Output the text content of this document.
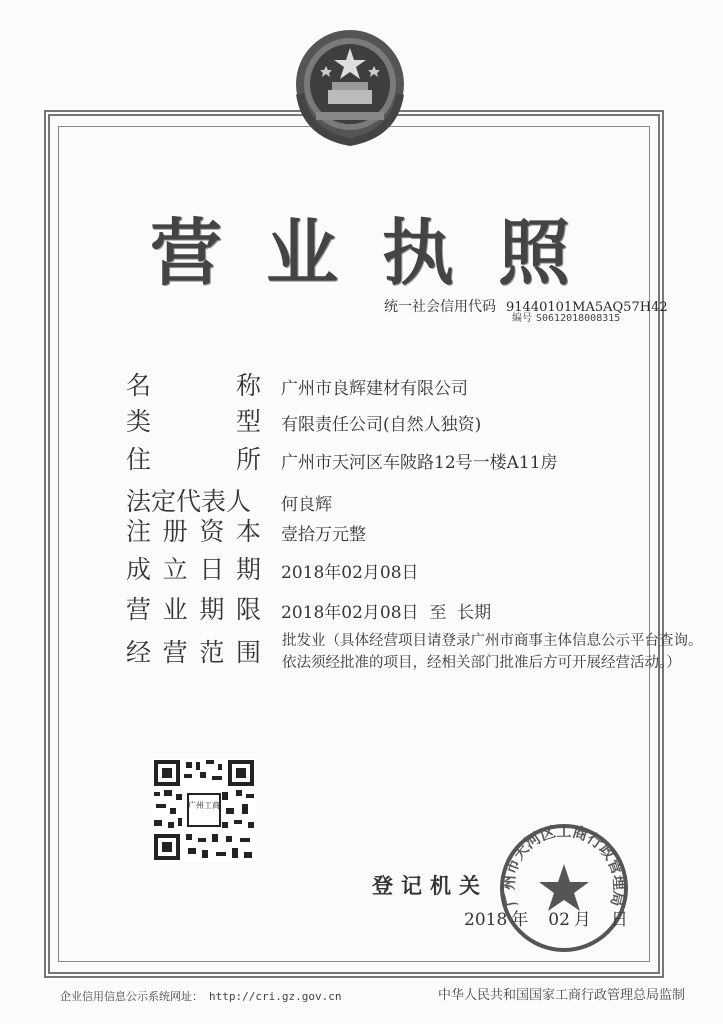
营 业 执 照
编号 S0612018008315
统一社会信用代码 91440101MA5AQ57H42
名	称 广州市良辉建材有限公司
类	型 有限责任公司(自然人独资)
住	所 广州市天河区车陂路12号一楼A11房
法定代表人 何良辉
注 册 资 本 壹拾万元整
成 立 日 期 2018年02月08日
营 业 期 限 2018年02月08日  至  长期
经 营 范 围 批发业（具体经营项目请登录广州市商事主体信息公示平台查询。
依法须经批准的项目，经相关部门批准后方可开展经营活动。）
广州工商
登记机关
广州市天河区工商行政管理局
2018 年 02 月 日
企业信用信息公示系统网址： http://cri.gz.gov.cn	中华人民共和国国家工商行政管理总局监制
